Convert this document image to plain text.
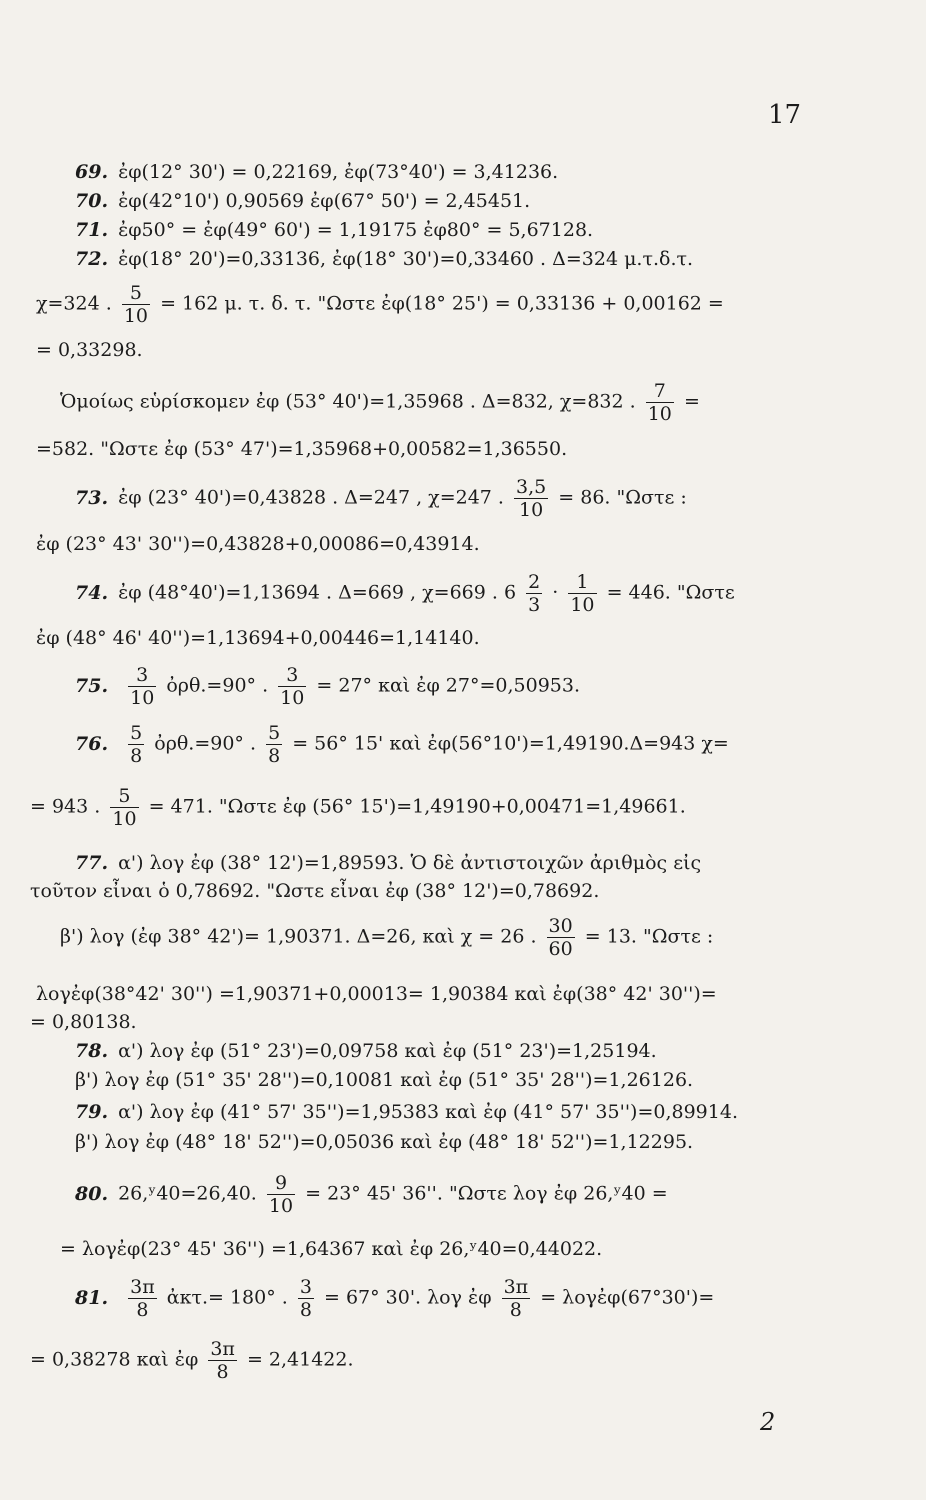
17
69. ἐφ(12° 30') = 0,22169, ἐφ(73°40') = 3,41236.
70. ἐφ(42°10') 0,90569 ἐφ(67° 50') = 2,45451.
71. ἐφ50° = ἐφ(49° 60') = 1,19175 ἐφ80° = 5,67128.
72. ἐφ(18° 20')=0,33136, ἐφ(18° 30')=0,33460 . Δ=324 μ.τ.δ.τ.
χ=324 . $\frac{5}{10} = 162$ μ. τ. δ. τ. "Ωστε ἐφ(18° 25') = 0,33136 + 0,00162 =
= 0,33298.
Ὁμοίως εὑρίσκομεν ἐφ (53° 40')=1,35968 . Δ=832, χ=832 . $\frac{7}{10}$ =
=582. "Ωστε ἐφ (53° 47')=1,35968+0,00582=1,36550.
73. ἐφ (23° 40')=0,43828 . Δ=247 , χ=247 . $\frac{3,5}{10} = 86$. "Ωστε :
ἐφ (23° 43' 30'')=0,43828+0,00086=0,43914.
74. ἐφ (48°40')=1,13694 . Δ=669 , χ=669 . $6 \frac{2}{3} \cdot \frac{1}{10} = 446$. "Ωστε
ἐφ (48° 46' 40'')=1,13694+0,00446=1,14140.
75. $\frac{3}{10}$ ὀρθ.=90° . $\frac{3}{10} = 27^\circ$ καὶ ἐφ 27°=0,50953.
76. $\frac{5}{8}$ ὀρθ.=90° . $\frac{5}{8} = 56^\circ$ 15' καὶ ἐφ(56°10')=1,49190.Δ=943 χ=
= 943 . $\frac{5}{10} = 471$. "Ωστε ἐφ (56° 15')=1,49190+0,00471=1,49661.
77. α') λογ ἐφ (38° 12')=1,89593. Ὁ δὲ ἀντιστοιχῶν ἀριθμὸς εἰς
τοῦτον εἶναι ὁ 0,78692. "Ωστε εἶναι ἐφ (38° 12')=0,78692.
β') λογ (ἐφ 38° 42')= 1,90371. Δ=26, καὶ χ = 26 . $\frac{30}{60} = 13$. "Ωστε :
λογἐφ(38°42' 30'') =1,90371+0,00013= 1,90384 καὶ ἐφ(38° 42' 30'')=
= 0,80138.
78. α') λογ ἐφ (51° 23')=0,09758 καὶ ἐφ (51° 23')=1,25194.
β') λογ ἐφ (51° 35' 28'')=0,10081 καὶ ἐφ (51° 35' 28'')=1,26126.
79. α') λογ ἐφ (41° 57' 35'')=1,95383 καὶ ἐφ (41° 57' 35'')=0,89914.
β') λογ ἐφ (48° 18' 52'')=0,05036 καὶ ἐφ (48° 18' 52'')=1,12295.
80. 26,ʸ40=26,40. $\frac{9}{10} = 23^\circ$ 45' 36''. "Ωστε λογ ἐφ 26,ʸ40 =
= λογἐφ(23° 45' 36'') =1,64367 καὶ ἐφ 26,ʸ40=0,44022.
81. $\frac{3\pi}{8}$ ἀκτ.= 180° . $\frac{3}{8} = 67^\circ$ 30'. λογ ἐφ $\frac{3\pi}{8}$ = λογἐφ(67°30')=
= 0,38278 καὶ ἐφ $\frac{3\pi}{8} = 2,41422$.
2
